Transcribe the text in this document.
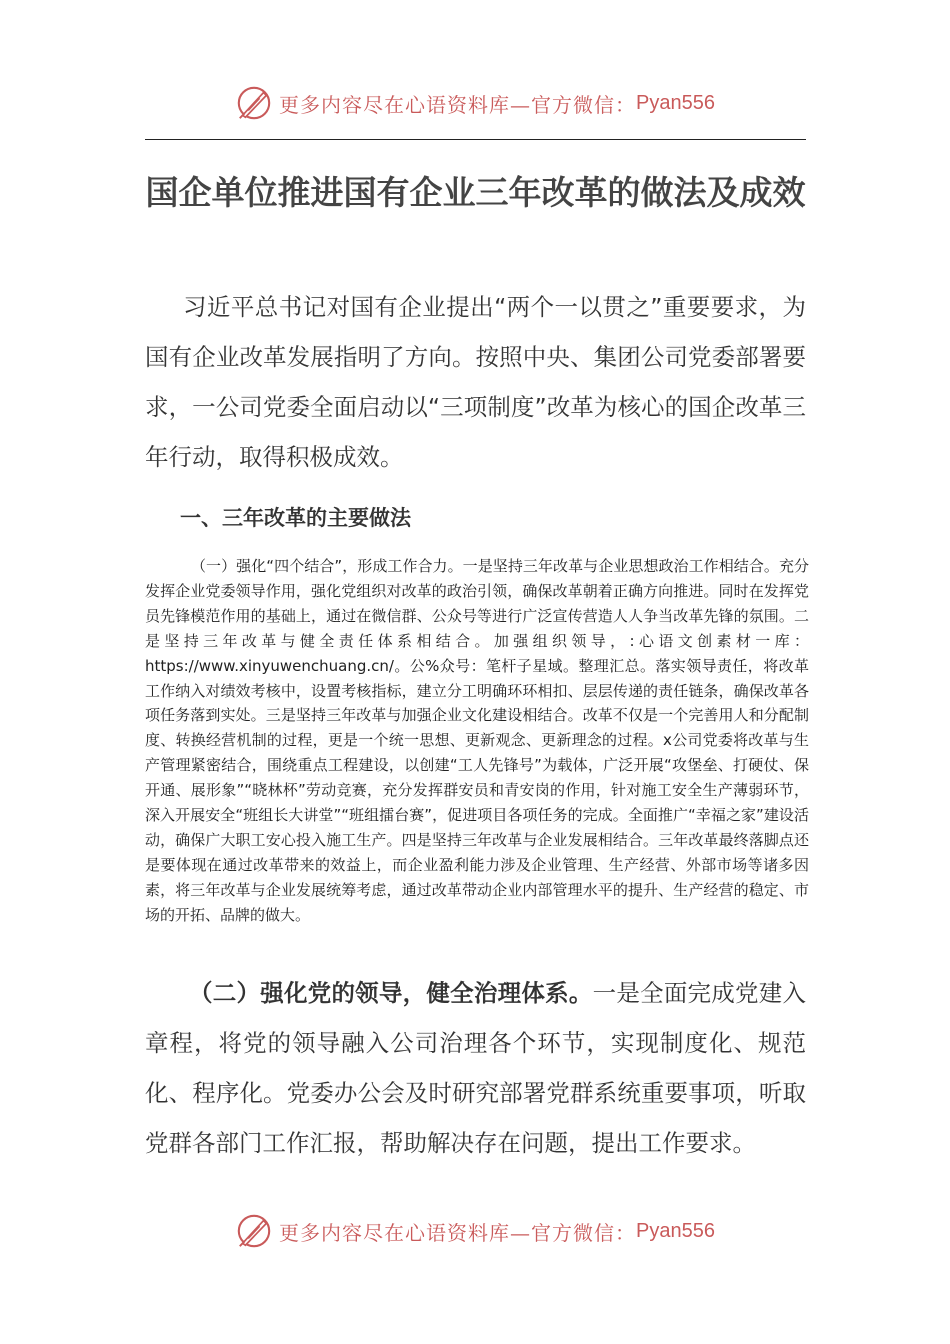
更多内容尽在心语资料库—官方微信： Pyan556
国企单位推进国有企业三年改革的做法及成效

习近平总书记对国有企业提出“两个一以贯之”重要要求，为国有企业改革发展指明了方向。按照中央、集团公司党委部署要求，一公司党委全面启动以“三项制度”改革为核心的国企改革三年行动，取得积极成效。

一、三年改革的主要做法

（一）强化“四个结合”，形成工作合力。一是坚持三年改革与企业思想政治工作相结合。充分发挥企业党委领导作用，强化党组织对改革的政治引领，确保改革朝着正确方向推进。同时在发挥党员先锋模范作用的基础上，通过在微信群、公众号等进行广泛宣传营造人人争当改革先锋的氛围。二是坚持三年改革与健全责任体系相结合。加强组织领导，:心语文创素材一库：https://www.xinyuwenchuang.cn/。公%众号：笔杆子星域。整理汇总。落实领导责任，将改革工作纳入对绩效考核中，设置考核指标，建立分工明确环环相扣、层层传递的责任链条，确保改革各项任务落到实处。三是坚持三年改革与加强企业文化建设相结合。改革不仅是一个完善用人和分配制度、转换经营机制的过程，更是一个统一思想、更新观念、更新理念的过程。x公司党委将改革与生产管理紧密结合，围绕重点工程建设，以创建“工人先锋号”为载体，广泛开展“攻堡垒、打硬仗、保开通、展形象”“晓林杯”劳动竞赛，充分发挥群安员和青安岗的作用，针对施工安全生产薄弱环节，深入开展安全“班组长大讲堂”“班组擂台赛”，促进项目各项任务的完成。全面推广“幸福之家”建设活动，确保广大职工安心投入施工生产。四是坚持三年改革与企业发展相结合。三年改革最终落脚点还是要体现在通过改革带来的效益上，而企业盈利能力涉及企业管理、生产经营、外部市场等诸多因素，将三年改革与企业发展统筹考虑，通过改革带动企业内部管理水平的提升、生产经营的稳定、市场的开拓、品牌的做大。

（二）强化党的领导，健全治理体系。一是全面完成党建入章程，将党的领导融入公司治理各个环节，实现制度化、规范化、程序化。党委办公会及时研究部署党群系统重要事项，听取党群各部门工作汇报，帮助解决存在问题，提出工作要求。

更多内容尽在心语资料库—官方微信： Pyan556
